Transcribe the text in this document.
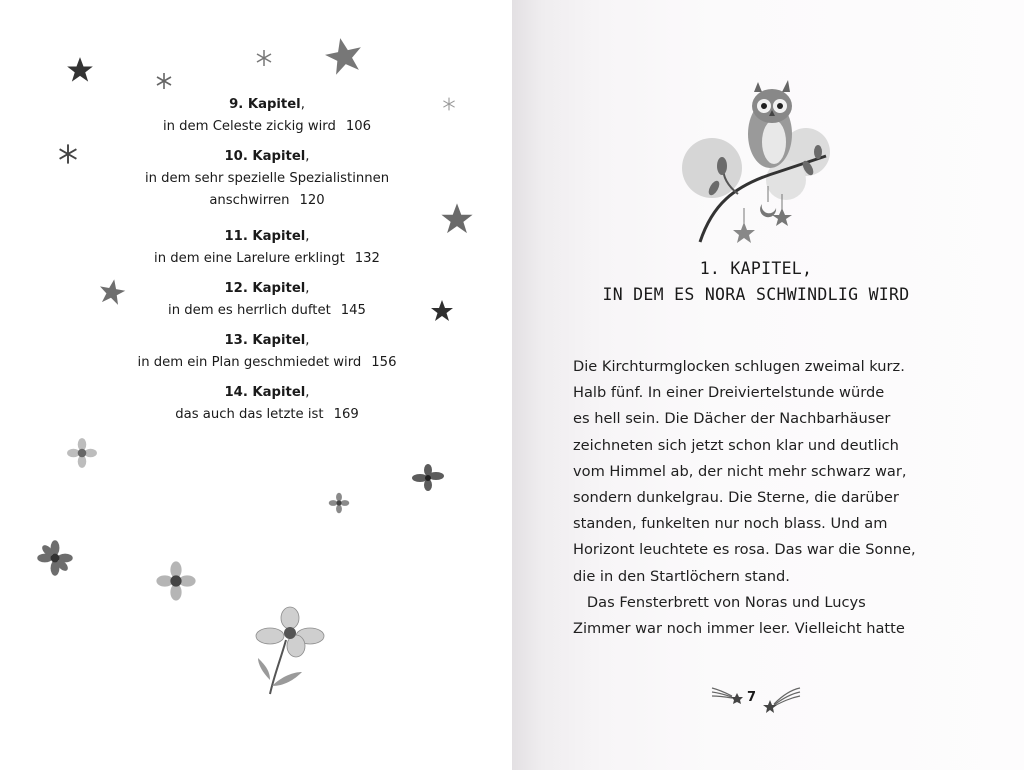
9. Kapitel,
in dem Celeste zickig wird 106
10. Kapitel,
in dem sehr spezielle Spezialistinnen
anschwirren 120
11. Kapitel,
in dem eine Larelure erklingt 132
12. Kapitel,
in dem es herrlich duftet 145
13. Kapitel,
in dem ein Plan geschmiedet wird 156
14. Kapitel,
das auch das letzte ist 169
1. KAPITEL,
IN DEM ES NORA SCHWINDLIG WIRD
Die Kirchturmglocken schlugen zweimal kurz.
Halb fünf. In einer Dreiviertelstunde würde
es hell sein. Die Dächer der Nachbarhäuser
zeichneten sich jetzt schon klar und deutlich
vom Himmel ab, der nicht mehr schwarz war,
sondern dunkelgrau. Die Sterne, die darüber
standen, funkelten nur noch blass. Und am
Horizont leuchtete es rosa. Das war die Sonne,
die in den Startlöchern stand.
Das Fensterbrett von Noras und Lucys
Zimmer war noch immer leer. Vielleicht hatte
7
